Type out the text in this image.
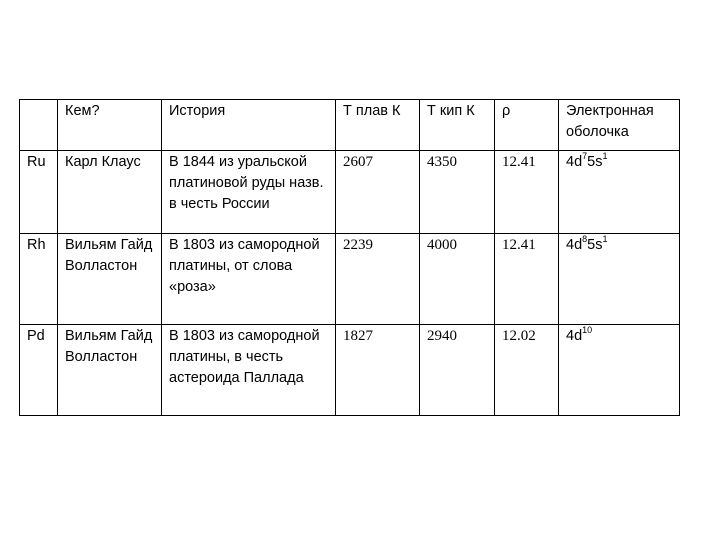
	Кем?	История	Т плав К	Т кип К	ρ	Электронная оболочка
Ru	Карл Клаус	В 1844 из уральской платиновой руды назв. в честь России	2607	4350	12.41	$4d^75s^1$
Rh	Вильям Гайд Волластон	В 1803 из самородной платины, от слова «роза»	2239	4000	12.41	$4d^85s^1$
Pd	Вильям Гайд Волластон	В 1803 из самородной платины, в честь астероида Паллада	1827	2940	12.02	$4d^{10}$
